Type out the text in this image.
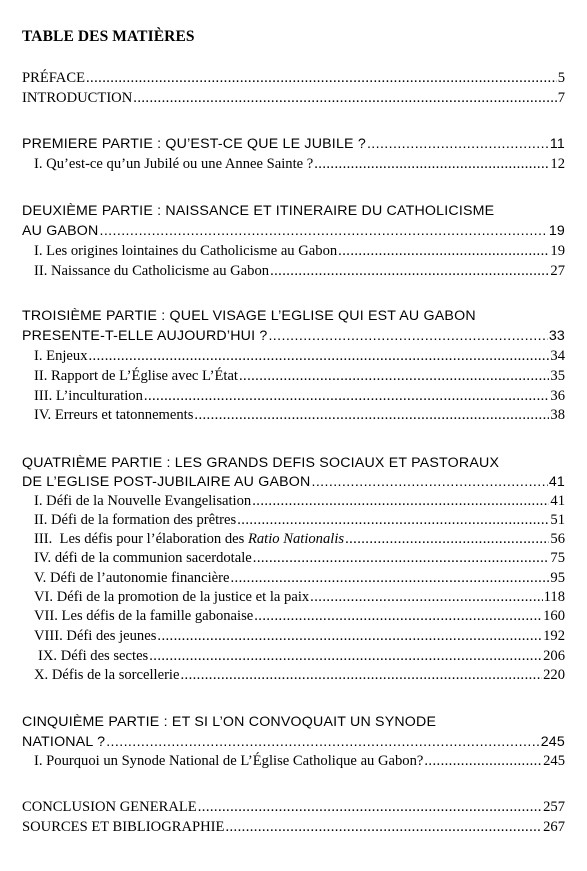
TABLE DES MATIÈRES
PRÉFACE .....	5
INTRODUCTION .....	7
PREMIERE PARTIE : QU’EST-CE QUE LE JUBILE ? .....	11
I. Qu’est-ce qu’un Jubilé ou une Annee Sainte ? .....	12
DEUXIÈME PARTIE : NAISSANCE ET ITINERAIRE DU CATHOLICISME
AU GABON .....	19
I. Les origines lointaines du Catholicisme au Gabon .....	19
II. Naissance du Catholicisme au Gabon .....	27
TROISIÈME PARTIE : QUEL VISAGE L’EGLISE QUI EST AU GABON
PRESENTE-T-ELLE AUJOURD’HUI ? .....	33
I. Enjeux .....	34
II. Rapport de L’Église avec L’État .....	35
III. L’inculturation .....	36
IV. Erreurs et tatonnements .....	38
QUATRIÈME PARTIE : LES GRANDS DEFIS SOCIAUX ET PASTORAUX
DE L’EGLISE POST-JUBILAIRE AU GABON .....	41
I. Défi de la Nouvelle Evangelisation .....	41
II. Défi de la formation des prêtres .....	51
III.  Les défis pour l’élaboration des Ratio Nationalis .....	56
IV. défi de la communion sacerdotale .....	75
V. Défi de l’autonomie financière .....	95
VI. Défi de la promotion de la justice et la paix .....	118
VII. Les défis de la famille gabonaise .....	160
VIII. Défi des jeunes .....	192
IX. Défi des sectes .....	206
X. Défis de la sorcellerie .....	220
CINQUIÈME PARTIE : ET SI L’ON CONVOQUAIT UN SYNODE
NATIONAL ? .....	245
I. Pourquoi un Synode National de L’Église Catholique au Gabon? .....	245
CONCLUSION GENERALE .....	257
SOURCES ET BIBLIOGRAPHIE .....	267
